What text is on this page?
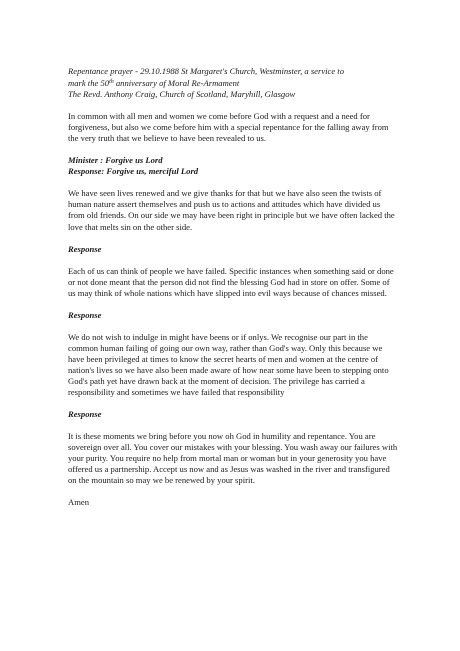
Repentance prayer - 29.10.1988 St Margaret's Church, Westminster, a service to

mark the 50th anniversary of Moral Re-Armament

The Revd. Anthony Craig, Church of Scotland, Maryhill, Glasgow

In common with all men and women we come before God with a request and a need for forgiveness, but also we come before him with a special repentance for the falling away from the very truth that we believe to have been revealed to us.

Minister : Forgive us Lord

Response: Forgive us, merciful Lord

We have seen lives renewed and we give thanks for that but we have also seen the twists of human nature assert themselves and push us to actions and attitudes which have divided us from old friends. On our side we may have been right in principle but we have often lacked the love that melts sin on the other side.

Response

Each of us can think of people we have failed. Specific instances when something said or done or not done meant that the person did not find the blessing God had in store on offer. Some of us may think of whole nations which have slipped into evil ways because of chances missed.

Response

We do not wish to indulge in might have beens or if onlys. We recognise our part in the common human failing of going our own way, rather than God's way. Only this because we have been privileged at times to know the secret hearts of men and women at the centre of nation's lives so we have also been made aware of how near some have been to stepping onto God's path yet have drawn back at the moment of decision. The privilege has carried a responsibility and sometimes we have failed that responsibility

Response

It is these moments we bring before you now oh God in humility and repentance. You are sovereign over all. You cover our mistakes with your blessing. You wash away our failures with your purity. You require no help from mortal man or woman but in your generosity you have offered us a partnership. Accept us now and as Jesus was washed in the river and transfigured on the mountain so may we be renewed by your spirit.

Amen
